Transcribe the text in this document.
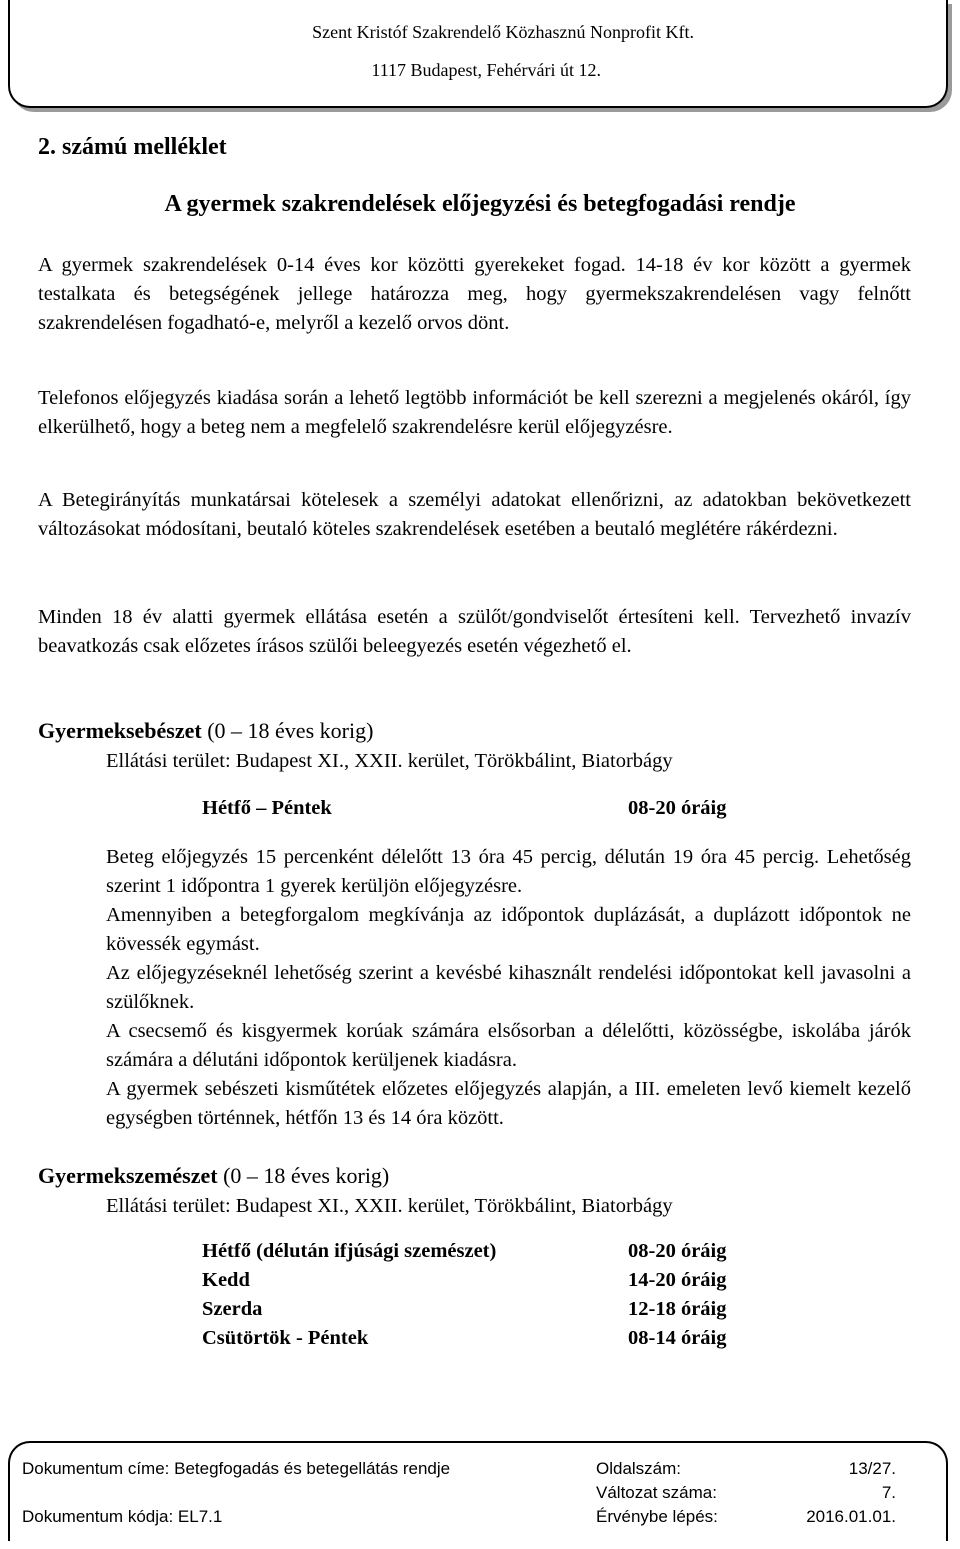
Szent Kristóf Szakrendelő Közhasznú Nonprofit Kft.
1117 Budapest, Fehérvári út 12.
2. számú melléklet
A gyermek szakrendelések előjegyzési és betegfogadási rendje
A gyermek szakrendelések 0-14 éves kor közötti gyerekeket fogad. 14-18 év kor között a gyermek testalkata és betegségének jellege határozza meg, hogy gyermekszakrendelésen vagy felnőtt szakrendelésen fogadható-e, melyről a kezelő orvos dönt.
Telefonos előjegyzés kiadása során a lehető legtöbb információt be kell szerezni a megjelenés okáról, így elkerülhető, hogy a beteg nem a megfelelő szakrendelésre kerül előjegyzésre.
A Betegirányítás munkatársai kötelesek a személyi adatokat ellenőrizni, az adatokban bekövetkezett változásokat módosítani, beutaló köteles szakrendelések esetében a beutaló meglétére rákérdezni.
Minden 18 év alatti gyermek ellátása esetén a szülőt/gondviselőt értesíteni kell. Tervezhető invazív beavatkozás csak előzetes írásos szülői beleegyezés esetén végezhető el.
Gyermeksebészet (0 – 18 éves korig)
Ellátási terület: Budapest XI., XXII. kerület, Törökbálint, Biatorbágy
Hétfő – Péntek	08-20 óráig

Beteg előjegyzés 15 percenként délelőtt 13 óra 45 percig, délután 19 óra 45 percig. Lehetőség szerint 1 időpontra 1 gyerek kerüljön előjegyzésre.

Amennyiben a betegforgalom megkívánja az időpontok duplázását, a duplázott időpontok ne kövessék egymást.

Az előjegyzéseknél lehetőség szerint a kevésbé kihasznált rendelési időpontokat kell javasolni a szülőknek.

A csecsemő és kisgyermek korúak számára elsősorban a délelőtti, közösségbe, iskolába járók számára a délutáni időpontok kerüljenek kiadásra.

A gyermek sebészeti kisműtétek előzetes előjegyzés alapján, a III. emeleten levő kiemelt kezelő egységben történnek, hétfőn 13 és 14 óra között.

Gyermekszemészet (0 – 18 éves korig)
Ellátási terület: Budapest XI., XXII. kerület, Törökbálint, Biatorbágy
Hétfő (délután ifjúsági szemészet)	08-20 óráig
Kedd	14-20 óráig
Szerda	12-18 óráig
Csütörtök - Péntek	08-14 óráig
Dokumentum címe: Betegfogadás és betegellátás rendje
Dokumentum kódja: EL7.1
Oldalszám:	13/27.
Változat száma:	7.
Érvénybe lépés:	2016.01.01.
